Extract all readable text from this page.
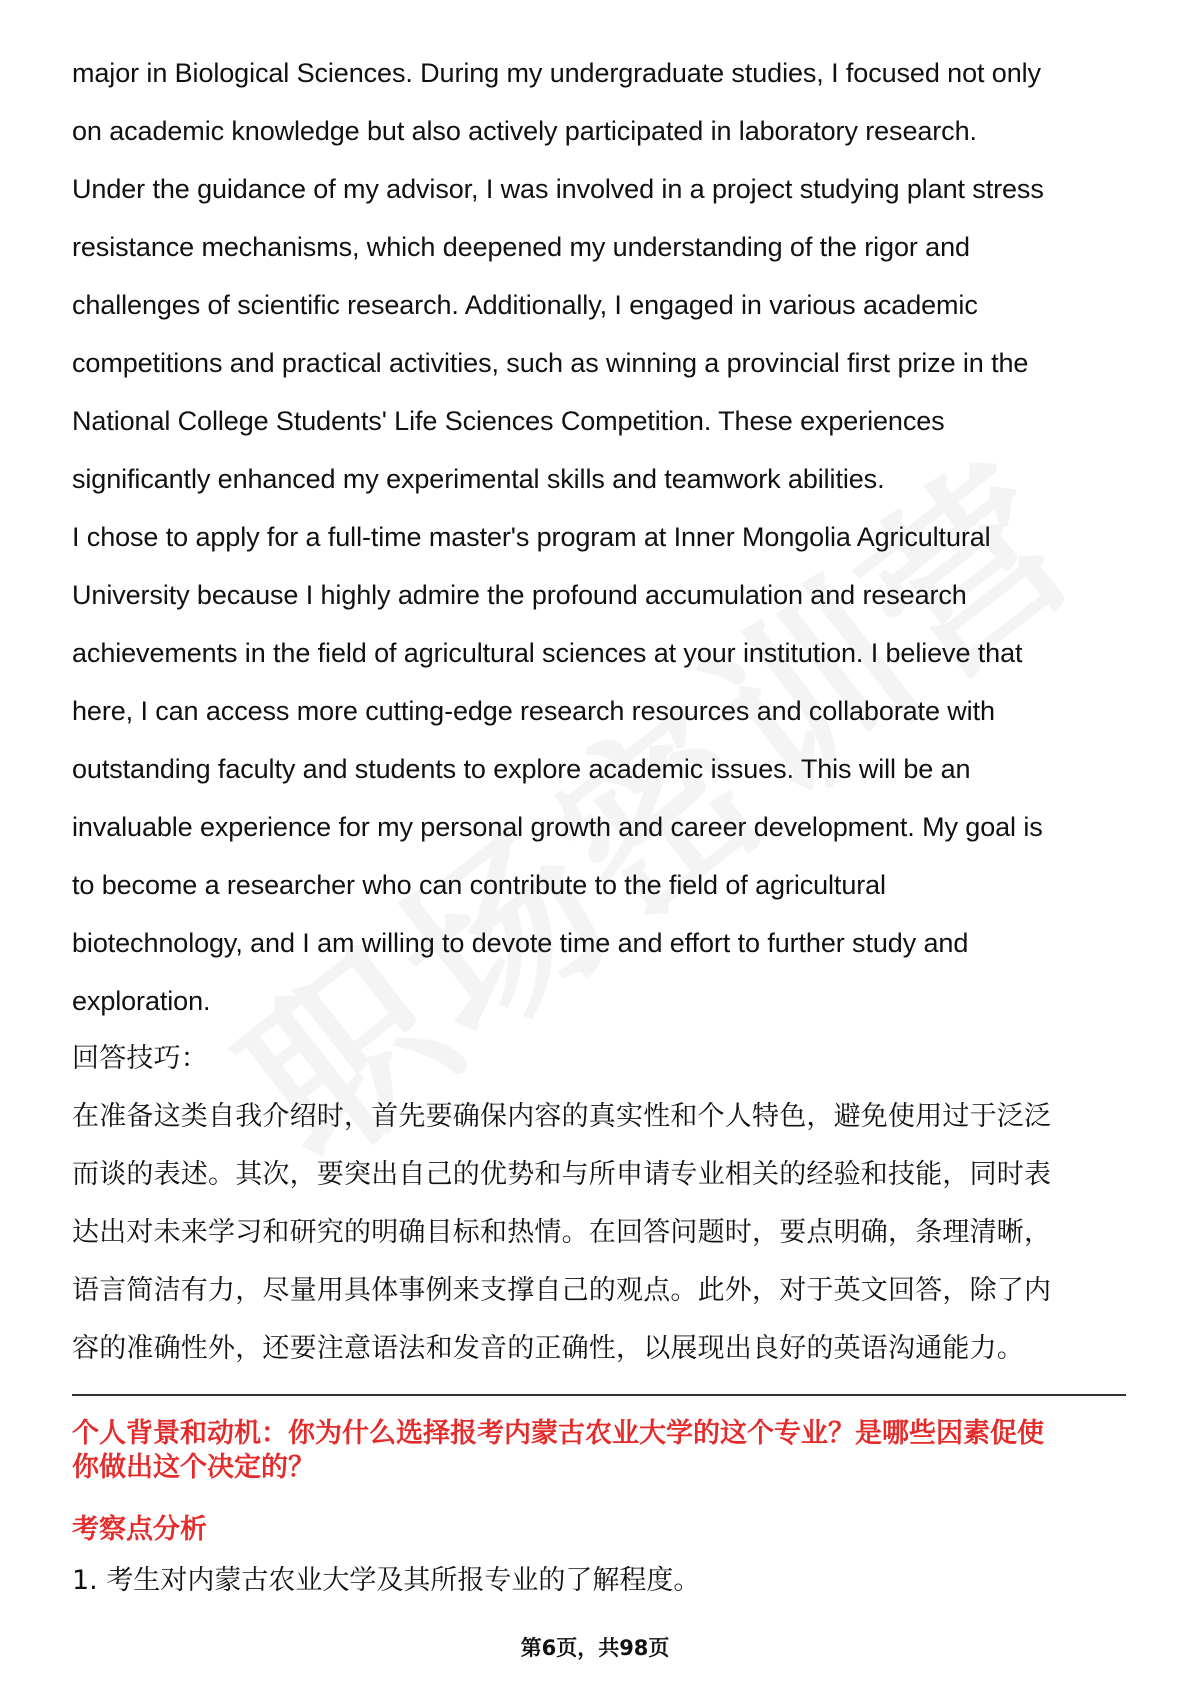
major in Biological Sciences. During my undergraduate studies, I focused not only
on academic knowledge but also actively participated in laboratory research.
Under the guidance of my advisor, I was involved in a project studying plant stress
resistance mechanisms, which deepened my understanding of the rigor and
challenges of scientific research. Additionally, I engaged in various academic
competitions and practical activities, such as winning a provincial first prize in the
National College Students' Life Sciences Competition. These experiences
significantly enhanced my experimental skills and teamwork abilities.
I chose to apply for a full-time master's program at Inner Mongolia Agricultural
University because I highly admire the profound accumulation and research
achievements in the field of agricultural sciences at your institution. I believe that
here, I can access more cutting-edge research resources and collaborate with
outstanding faculty and students to explore academic issues. This will be an
invaluable experience for my personal growth and career development. My goal is
to become a researcher who can contribute to the field of agricultural
biotechnology, and I am willing to devote time and effort to further study and
exploration.
回答技巧：
在准备这类自我介绍时，首先要确保内容的真实性和个人特色，避免使用过于泛泛
而谈的表述。其次，要突出自己的优势和与所申请专业相关的经验和技能，同时表
达出对未来学习和研究的明确目标和热情。在回答问题时，要点明确，条理清晰，
语言简洁有力，尽量用具体事例来支撑自己的观点。此外，对于英文回答，除了内
容的准确性外，还要注意语法和发音的正确性，以展现出良好的英语沟通能力。
个人背景和动机：你为什么选择报考内蒙古农业大学的这个专业？是哪些因素促使
你做出这个决定的？
考察点分析
1. 考生对内蒙古农业大学及其所报专业的了解程度。
第6页，共98页
